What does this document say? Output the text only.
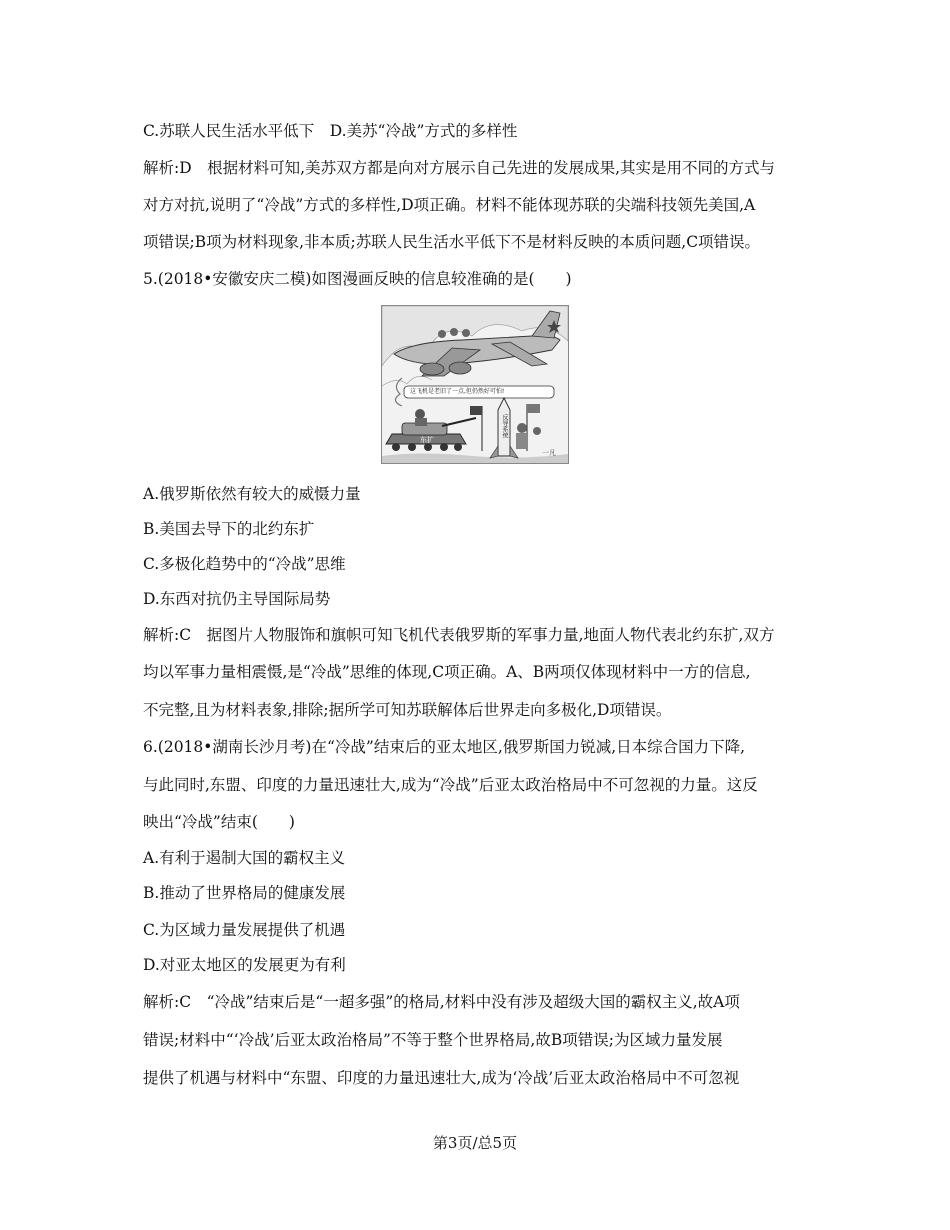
C.苏联人民生活水平低下　D.美苏“冷战”方式的多样性
解析:D　根据材料可知,美苏双方都是向对方展示自己先进的发展成果,其实是用不同的方式与
对方对抗,说明了“冷战”方式的多样性,D项正确。材料不能体现苏联的尖端科技领先美国,A
项错误;B项为材料现象,非本质;苏联人民生活水平低下不是材料反映的本质问题,C项错误。
5.(2018•安徽安庆二模)如图漫画反映的信息较准确的是(　　)
这飞机是老旧了一点,但仍然好可怕!
东扩
反导系统
一凡
A.俄罗斯依然有较大的威慑力量
B.美国去导下的北约东扩
C.多极化趋势中的“冷战”思维
D.东西对抗仍主导国际局势
解析:C　据图片人物服饰和旗帜可知飞机代表俄罗斯的军事力量,地面人物代表北约东扩,双方
均以军事力量相震慑,是“冷战”思维的体现,C项正确。A、B两项仅体现材料中一方的信息,
不完整,且为材料表象,排除;据所学可知苏联解体后世界走向多极化,D项错误。
6.(2018•湖南长沙月考)在“冷战”结束后的亚太地区,俄罗斯国力锐减,日本综合国力下降,
与此同时,东盟、印度的力量迅速壮大,成为“冷战”后亚太政治格局中不可忽视的力量。这反
映出“冷战”结束(　　)
A.有利于遏制大国的霸权主义
B.推动了世界格局的健康发展
C.为区域力量发展提供了机遇
D.对亚太地区的发展更为有利
解析:C　“冷战”结束后是“一超多强”的格局,材料中没有涉及超级大国的霸权主义,故A项
错误;材料中“‘冷战’后亚太政治格局”不等于整个世界格局,故B项错误;为区域力量发展
提供了机遇与材料中“东盟、印度的力量迅速壮大,成为‘冷战’后亚太政治格局中不可忽视
第3页/总5页
